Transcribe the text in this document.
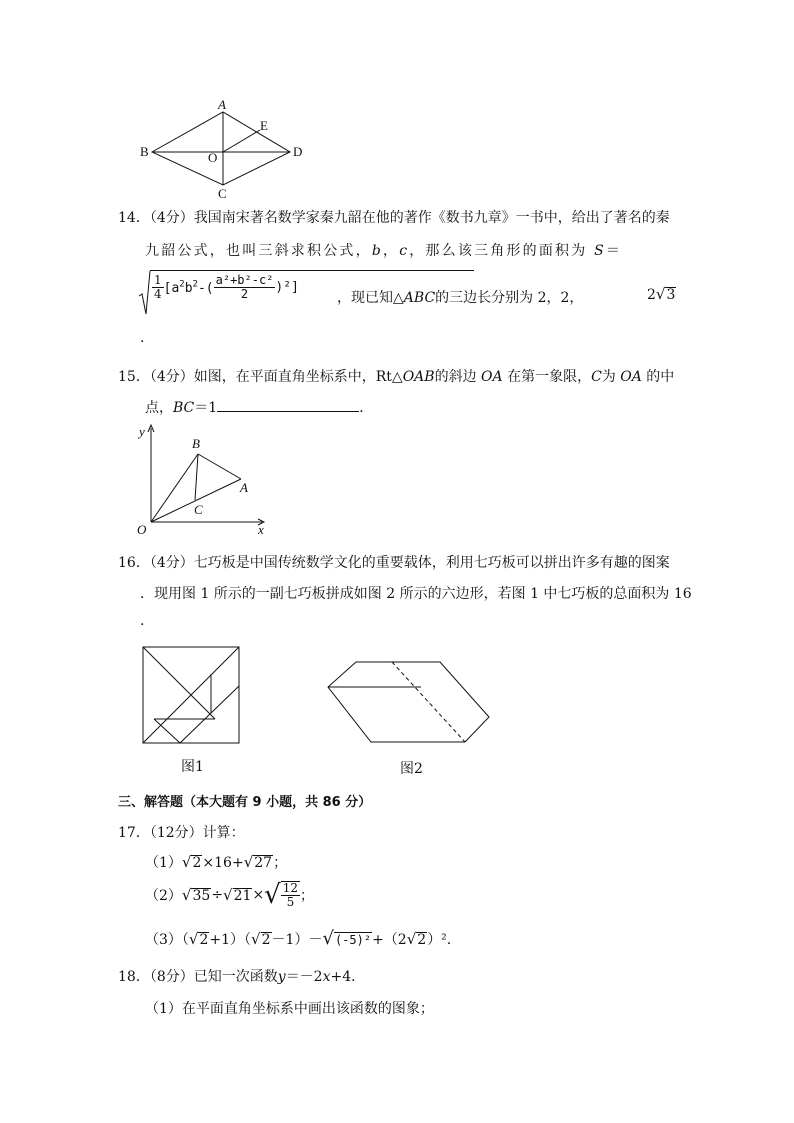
A
E
B	O	D
C
14．（4分）我国南宋著名数学家秦九韶在他的著作《数书九章》一书中，给出了著名的秦
九韶公式，也叫三斜求积公式，b，c，那么该三角形的面积为 S＝
$\frac{1}{4} [a^2b^2-( \frac{\text{a²+b²-c²}}{2} )^2]$
，现已知△ABC的三边长分别为 2，2，	2√3
.
15．（4分）如图，在平面直角坐标系中，Rt△OAB的斜边 OA 在第一象限，C为 OA 的中
点，BC＝1	．
y
B
A
C
O	x
16．（4分）七巧板是中国传统数学文化的重要载体，利用七巧板可以拼出许多有趣的图案
．现用图 1 所示的一副七巧板拼成如图 2 所示的六边形，若图 1 中七巧板的总面积为 16
.
图1	图2
三、解答题（本大题有 9 小题，共 86 分）
17．（12分）计算：
（1）√2×16+√27；
$(2)√35\div√21\times√ \frac{12}{5}$ ；
（3）（√2+1）（√2－1）－√(-5)²+（2√2）².
18．（8分）已知一次函数y＝－2x+4．
（1）在平面直角坐标系中画出该函数的图象；
